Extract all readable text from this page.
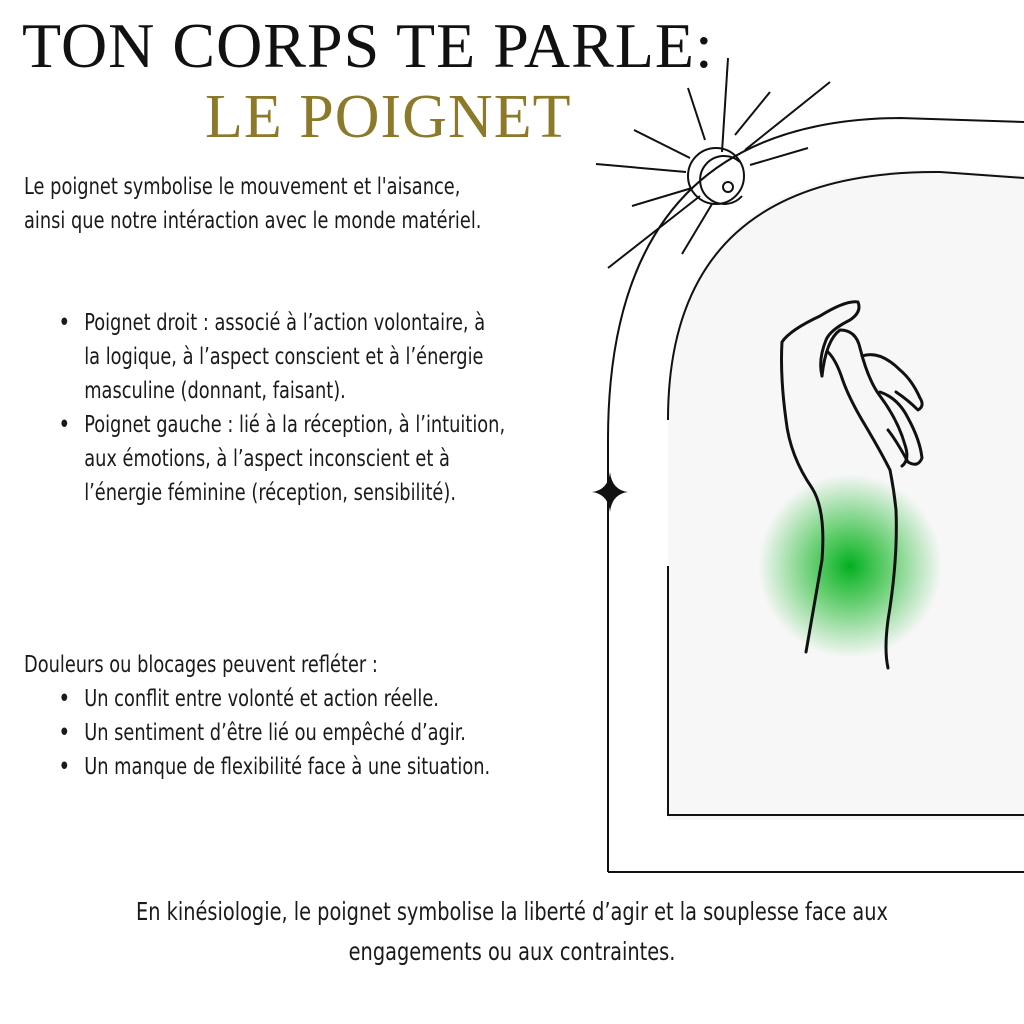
TON CORPS TE PARLE:
LE POIGNET

Le poignet symbolise le mouvement et l'aisance, ainsi que notre intéraction avec le monde matériel.

• Poignet droit : associé à l’action volontaire, à la logique, à l’aspect conscient et à l’énergie masculine (donnant, faisant).
• Poignet gauche : lié à la réception, à l’intuition, aux émotions, à l’aspect inconscient et à l’énergie féminine (réception, sensibilité).

Douleurs ou blocages peuvent refléter :

• Un conflit entre volonté et action réelle.
• Un sentiment d’être lié ou empêché d’agir.
• Un manque de flexibilité face à une situation.

En kinésiologie, le poignet symbolise la liberté d’agir et la souplesse face aux engagements ou aux contraintes.
